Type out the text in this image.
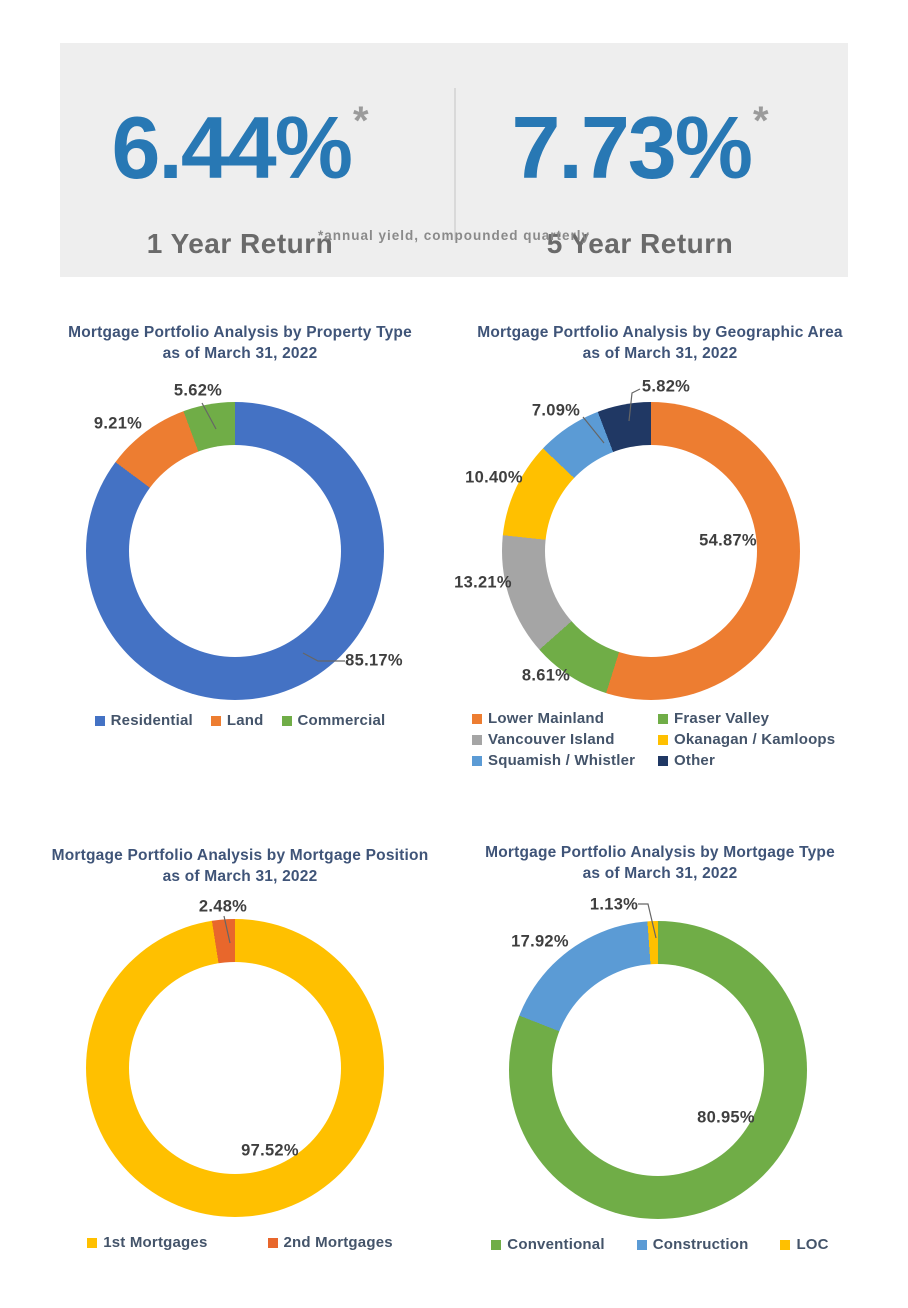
6.44%*
1 Year Return
7.73%*
5 Year Return
*annual yield, compounded quarterly
Mortgage Portfolio Analysis by Property Type
as of March 31, 2022
5.62%
9.21%
85.17%
Residential Land Commercial
Mortgage Portfolio Analysis by Geographic Area
as of March 31, 2022
54.87%
8.61%
13.21%
10.40%
7.09%
5.82%
Lower Mainland	Fraser Valley
Vancouver Island	Okanagan / Kamloops
Squamish / Whistler	Other
Mortgage Portfolio Analysis by Mortgage Position
as of March 31, 2022
2.48%
97.52%
1st Mortgages	2nd Mortgages
Mortgage Portfolio Analysis by Mortgage Type
as of March 31, 2022
1.13%
17.92%
80.95%
Conventional	Construction	LOC
